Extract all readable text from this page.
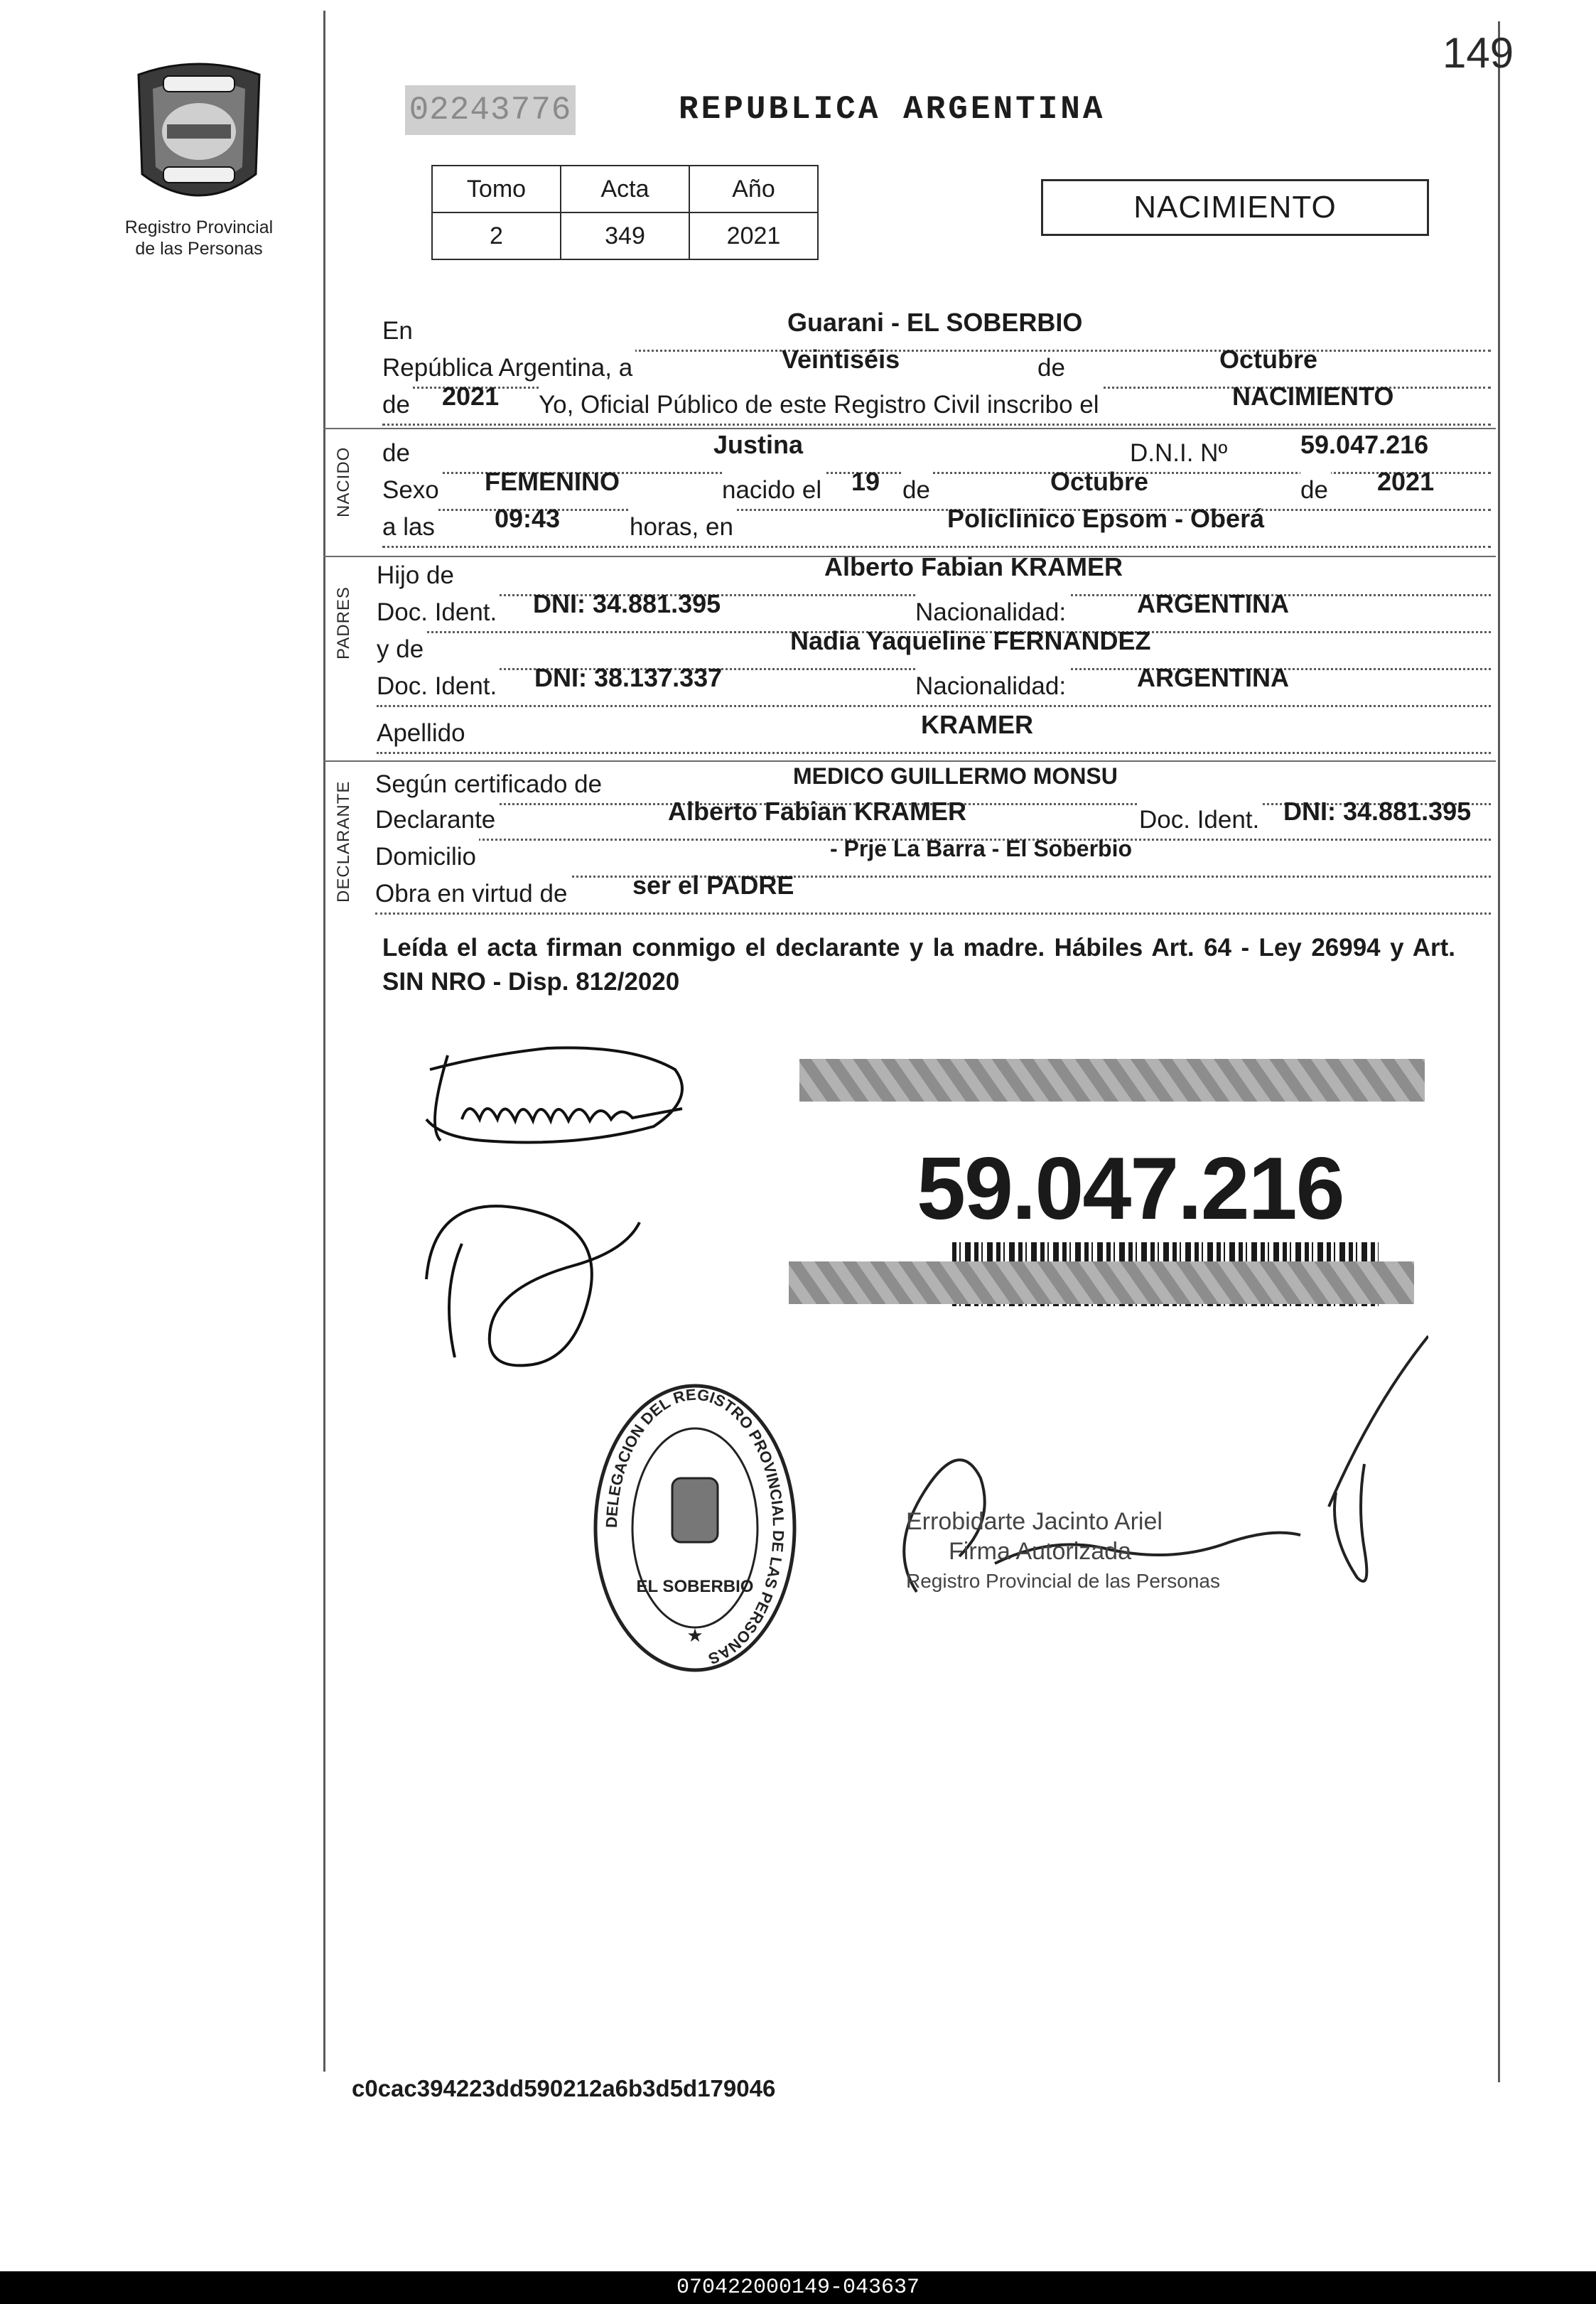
149
Registro Provincial
de las Personas
02243776	REPUBLICA ARGENTINA
Tomo	Acta	Año
2	349	2021
NACIMIENTO
En	Guarani - EL SOBERBIO
República Argentina, a	Veintiséis	de	Octubre
de 2021 Yo, Oficial Público de este Registro Civil inscribo el	NACIMIENTO
NACIDO de	Justina	D.N.I. Nº	59.047.216
Sexo FEMENINO	nacido el 19 de	Octubre	de 2021
a las 09:43	horas, en	Policlinico Epsom - Oberá
PADRES
Hijo de	Alberto Fabian KRAMER
Doc. Ident. DNI: 34.881.395	Nacionalidad:	ARGENTINA
y de	Nadia Yaqueline FERNANDEZ
Doc. Ident. DNI: 38.137.337	Nacionalidad:	ARGENTINA
Apellido	KRAMER
DECLARANTE Según certificado de	MEDICO GUILLERMO MONSU
Declarante	Alberto Fabian KRAMER	Doc. Ident. DNI: 34.881.395
Domicilio	- Prje La Barra - El Soberbio
Obra en virtud de	ser el PADRE
Leída el acta firman conmigo el declarante y la madre. Hábiles Art. 64 - Ley 26994 y Art. SIN NRO - Disp. 812/2020
59.047.216
DELEGACION DEL REGISTRO PROVINCIAL DE LAS PERSONAS
EL SOBERBIO
★
Errobidarte Jacinto Ariel
Firma Autorizada
Registro Provincial de las Personas
c0cac394223dd590212a6b3d5d179046
070422000149-043637
